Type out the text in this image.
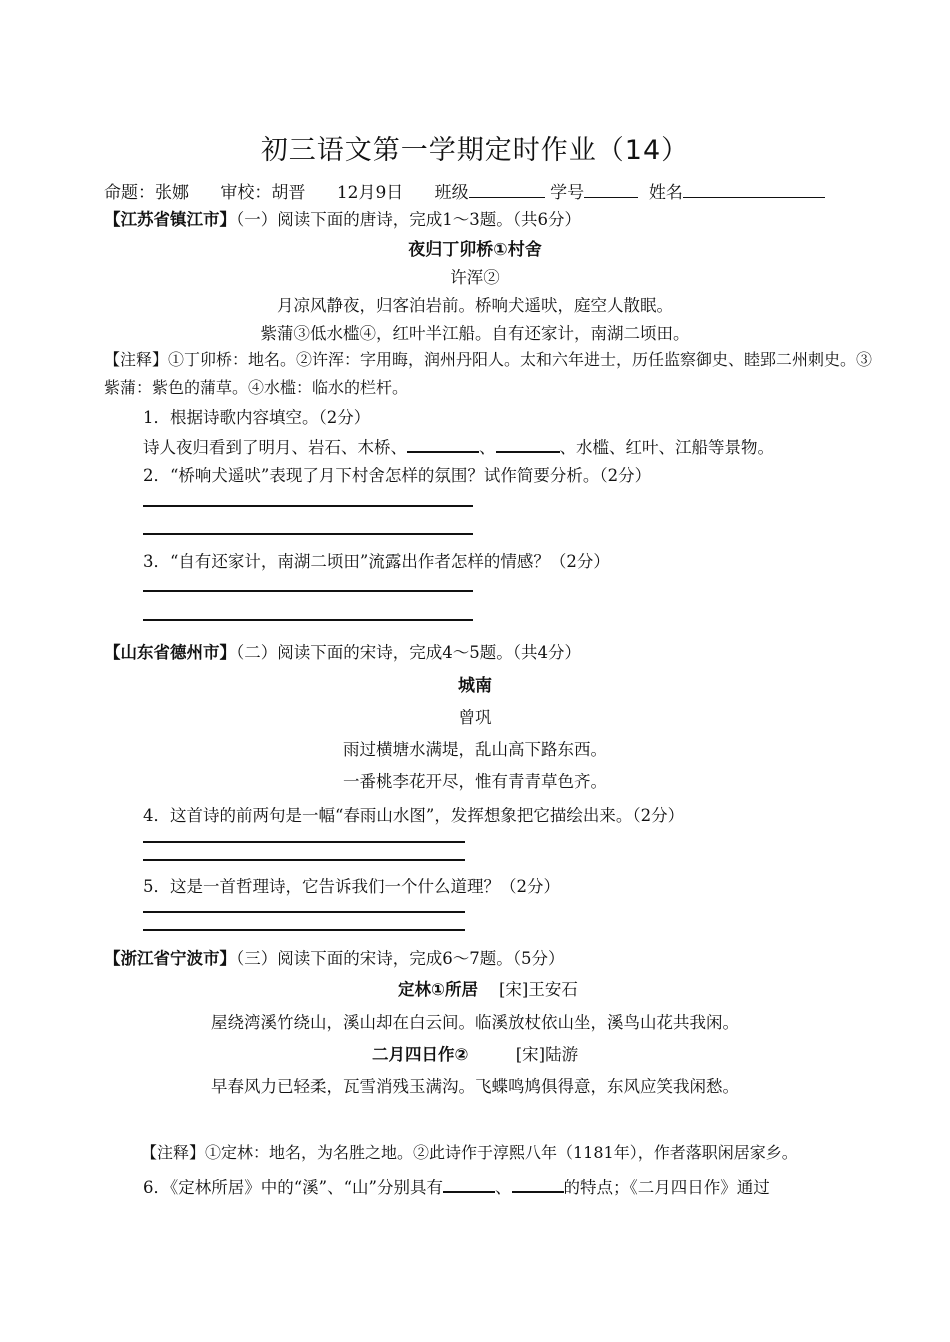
初三语文第一学期定时作业（14）
命题：张娜 审校：胡晋 12月9日 班级	学号	姓名
【江苏省镇江市】（一）阅读下面的唐诗，完成1～3题。（共6分）
夜归丁卯桥①村舍
许浑②
月凉风静夜，归客泊岩前。桥响犬遥吠，庭空人散眠。
紫蒲③低水槛④，红叶半江船。自有还家计，南湖二顷田。
【注释】①丁卯桥：地名。②许浑：字用晦，润州丹阳人。太和六年进士，历任监察御史、睦郢二州刺史。③紫蒲：紫色的蒲草。④水槛：临水的栏杆。
1．根据诗歌内容填空。（2分）
诗人夜归看到了明月、岩石、木桥、	、	、水槛、红叶、江船等景物。
2．“桥响犬遥吠”表现了月下村舍怎样的氛围？试作简要分析。（2分）
3．“自有还家计，南湖二顷田”流露出作者怎样的情感？（2分）
【山东省德州市】（二）阅读下面的宋诗，完成4～5题。（共4分）
城南
曾巩
雨过横塘水满堤，乱山高下路东西。
一番桃李花开尽，惟有青青草色齐。
4．这首诗的前两句是一幅“春雨山水图”，发挥想象把它描绘出来。（2分）
5．这是一首哲理诗，它告诉我们一个什么道理？（2分）
【浙江省宁波市】（三）阅读下面的宋诗，完成6～7题。（5分）
定林①所居 [宋]王安石
屋绕湾溪竹绕山，溪山却在白云间。临溪放杖依山坐，溪鸟山花共我闲。
二月四日作②	[宋]陆游
早春风力已轻柔，瓦雪消残玉满沟。飞蝶鸣鸠俱得意，东风应笑我闲愁。
【注释】①定林：地名，为名胜之地。②此诗作于淳熙八年（1181年），作者落职闲居家乡。
6．《定林所居》中的“溪”、“山”分别具有	、	的特点；《二月四日作》通过
